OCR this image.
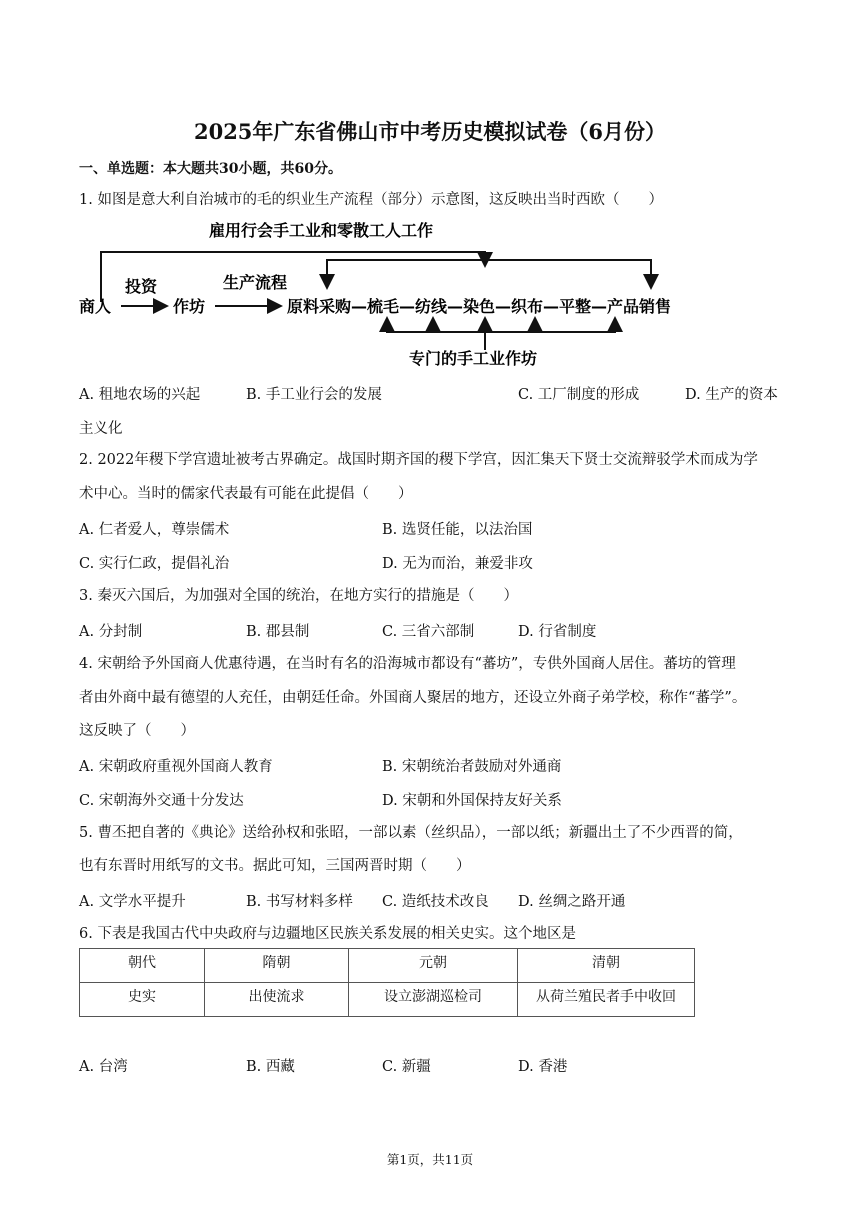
2025年广东省佛山市中考历史模拟试卷（6月份）
一、单选题：本大题共30小题，共60分。
1. 如图是意大利自治城市的毛的织业生产流程（部分）示意图，这反映出当时西欧（　　）
雇用行会手工业和零散工人工作
商人
投资
作坊
生产流程
原料采购—梳毛—纺线—染色—织布—平整—产品销售
专门的手工业作坊
A. 租地农场的兴起	B. 手工业行会的发展	C. 工厂制度的形成	D. 生产的资本
主义化
2. 2022年稷下学宫遗址被考古界确定。战国时期齐国的稷下学宫，因汇集天下贤士交流辩驳学术而成为学
术中心。当时的儒家代表最有可能在此提倡（　　）
A. 仁者爱人，尊崇儒术	B. 选贤任能，以法治国
C. 实行仁政，提倡礼治	D. 无为而治，兼爱非攻
3. 秦灭六国后，为加强对全国的统治，在地方实行的措施是（　　）
A. 分封制	B. 郡县制	C. 三省六部制	D. 行省制度
4. 宋朝给予外国商人优惠待遇，在当时有名的沿海城市都设有“蕃坊”，专供外国商人居住。蕃坊的管理
者由外商中最有德望的人充任，由朝廷任命。外国商人聚居的地方，还设立外商子弟学校，称作“蕃学”。
这反映了（　　）
A. 宋朝政府重视外国商人教育	B. 宋朝统治者鼓励对外通商
C. 宋朝海外交通十分发达	D. 宋朝和外国保持友好关系
5. 曹丕把自著的《典论》送给孙权和张昭，一部以素（丝织品），一部以纸；新疆出土了不少西晋的简，
也有东晋时用纸写的文书。据此可知，三国两晋时期（　　）
A. 文学水平提升	B. 书写材料多样 C. 造纸技术改良 D. 丝绸之路开通
6. 下表是我国古代中央政府与边疆地区民族关系发展的相关史实。这个地区是
朝代	隋朝	元朝	清朝
史实	出使流求	设立澎湖巡检司	从荷兰殖民者手中收回
A. 台湾	B. 西藏	C. 新疆	D. 香港
第1页，共11页
